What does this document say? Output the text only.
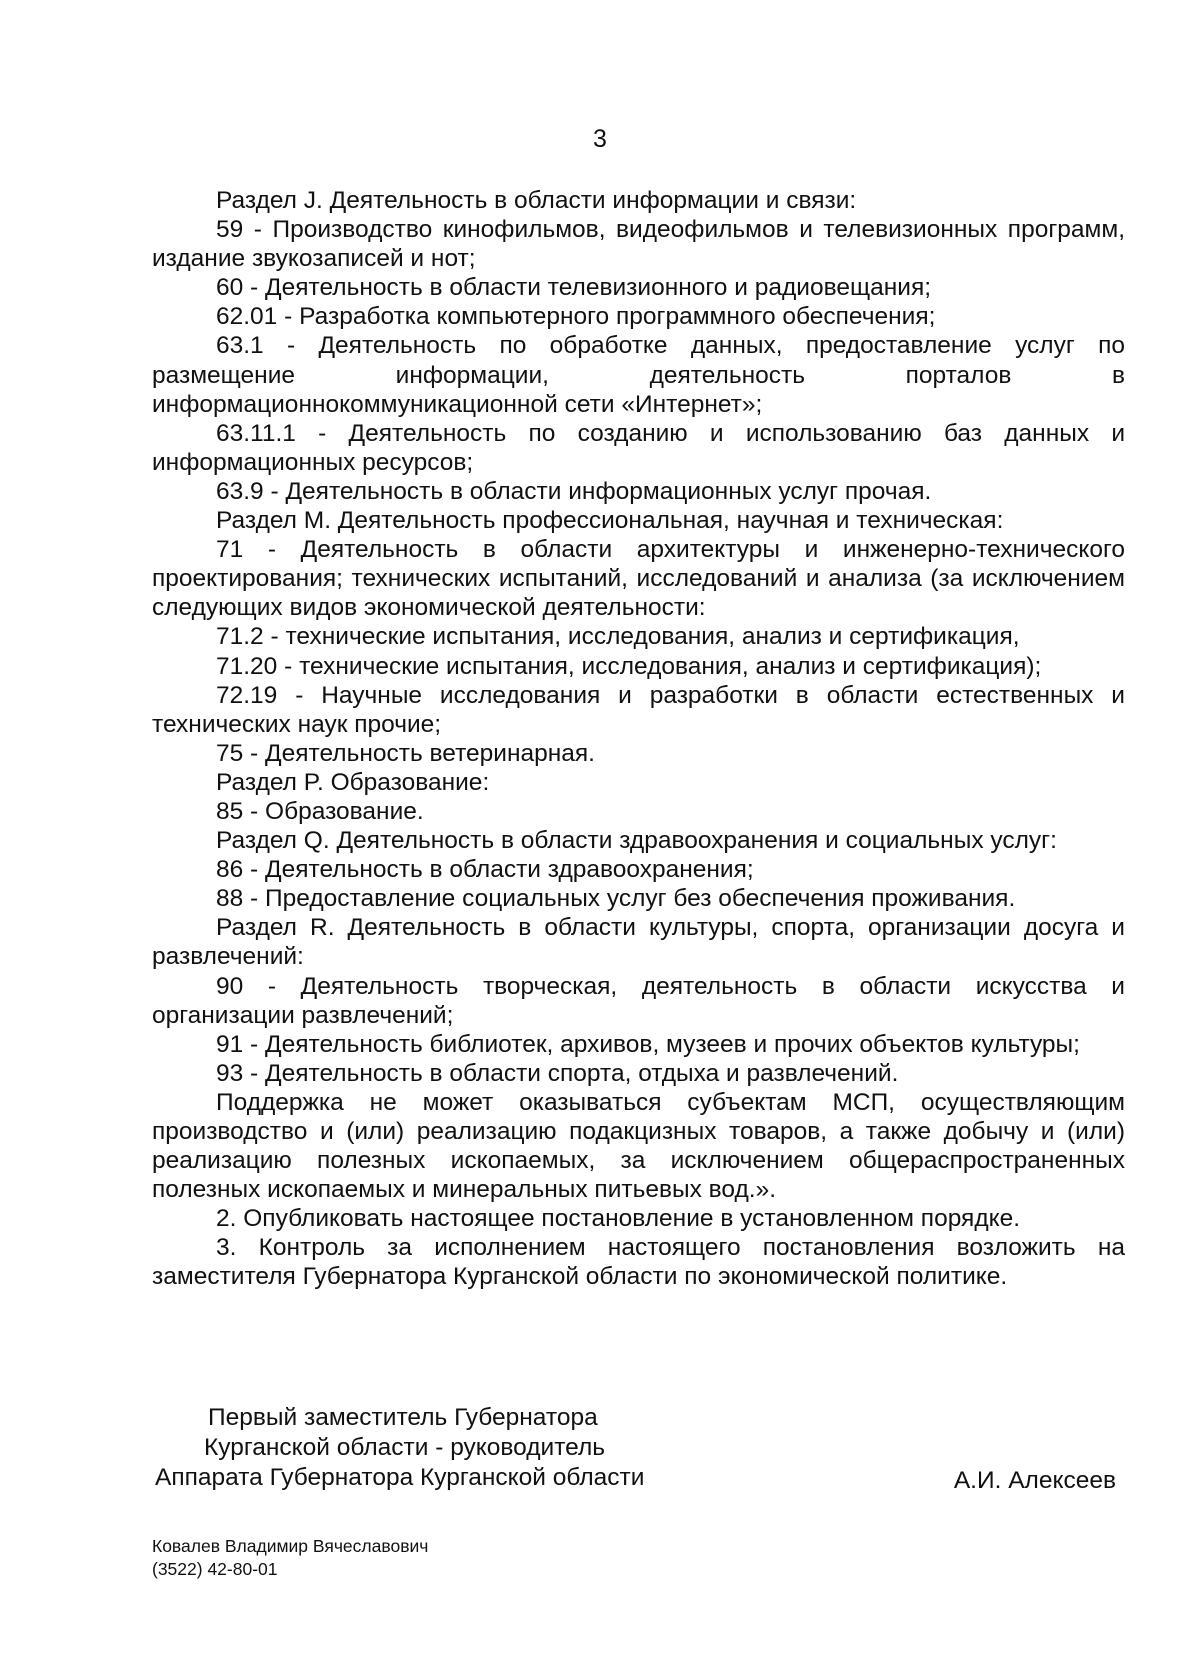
3

Раздел J. Деятельность в области информации и связи:

59 - Производство кинофильмов, видеофильмов и телевизионных программ, издание звукозаписей и нот;

60 - Деятельность в области телевизионного и радиовещания;

62.01 - Разработка компьютерного программного обеспечения;

63.1 - Деятельность по обработке данных, предоставление услуг по размещение информации, деятельность порталов в информационнокоммуникационной сети «Интернет»;

63.11.1 - Деятельность по созданию и использованию баз данных и информационных ресурсов;

63.9 - Деятельность в области информационных услуг прочая.

Раздел M. Деятельность профессиональная, научная и техническая:

71 - Деятельность в области архитектуры и инженерно-технического проектирования; технических испытаний, исследований и анализа (за исключением следующих видов экономической деятельности:

71.2 - технические испытания, исследования, анализ и сертификация,

71.20 - технические испытания, исследования, анализ и сертификация);

72.19 - Научные исследования и разработки в области естественных и технических наук прочие;

75 - Деятельность ветеринарная.

Раздел P. Образование:

85 - Образование.

Раздел Q. Деятельность в области здравоохранения и социальных услуг:

86 - Деятельность в области здравоохранения;

88 - Предоставление социальных услуг без обеспечения проживания.

Раздел R. Деятельность в области культуры, спорта, организации досуга и развлечений:

90 - Деятельность творческая, деятельность в области искусства и организации развлечений;

91 - Деятельность библиотек, архивов, музеев и прочих объектов культуры;

93 - Деятельность в области спорта, отдыха и развлечений.

Поддержка не может оказываться субъектам МСП, осуществляющим производство и (или) реализацию подакцизных товаров, а также добычу и (или) реализацию полезных ископаемых, за исключением общераспространенных полезных ископаемых и минеральных питьевых вод.».

2. Опубликовать настоящее постановление в установленном порядке.

3. Контроль за исполнением настоящего постановления возложить на заместителя Губернатора Курганской области по экономической политике.

Первый заместитель Губернатора
Курганской области - руководитель
Аппарата Губернатора Курганской области	А.И. Алексеев
Ковалев Владимир Вячеславович
(3522) 42-80-01
